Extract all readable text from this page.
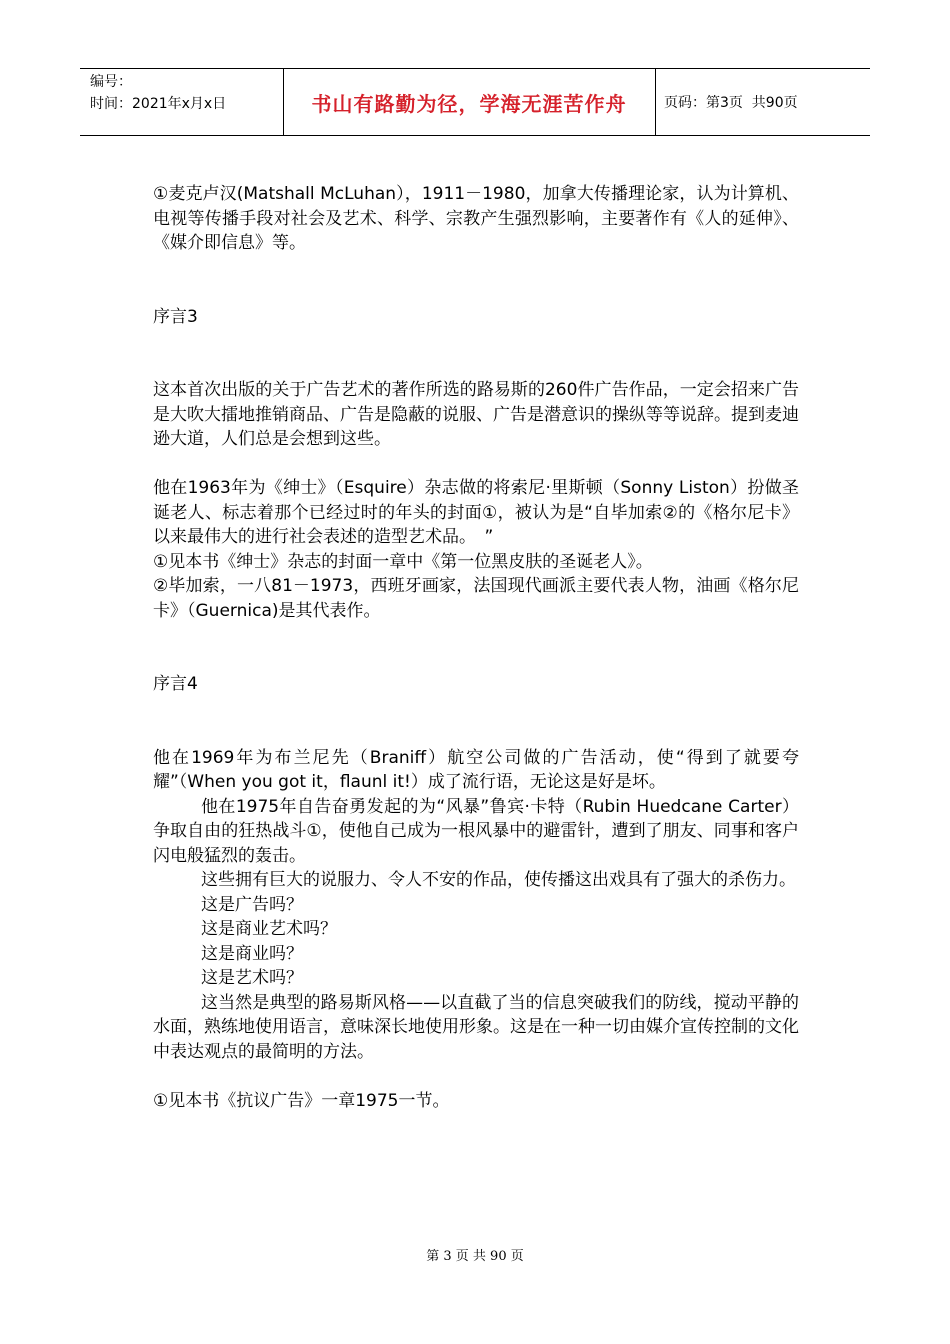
编号：
时间：2021年x月x日	书山有路勤为径，学海无涯苦作舟	页码：第3页  共90页

①麦克卢汉(Matshall McLuhan），1911－1980，加拿大传播理论家，认为计算机、电视等传播手段对社会及艺术、科学、宗教产生强烈影响，主要著作有《人的延伸》、《媒介即信息》等。

序言3

这本首次出版的关于广告艺术的著作所选的路易斯的260件广告作品，一定会招来广告是大吹大擂地推销商品、广告是隐蔽的说服、广告是潜意识的操纵等等说辞。提到麦迪逊大道，人们总是会想到这些。

他在1963年为《绅士》（Esquire）杂志做的将索尼·里斯顿（Sonny Liston）扮做圣诞老人、标志着那个已经过时的年头的封面①，被认为是“自毕加索②的《格尔尼卡》以来最伟大的进行社会表述的造型艺术品。　”

①见本书《绅士》杂志的封面一章中《第一位黑皮肤的圣诞老人》。

②毕加索，一八81－1973，西班牙画家，法国现代画派主要代表人物，油画《格尔尼卡》（Guernica)是其代表作。

序言4

他在1969年为布兰尼先（Braniff）航空公司做的广告活动，使“得到了就要夸耀”（When you got it，flaunl it!）成了流行语，无论这是好是坏。

他在1975年自告奋勇发起的为“风暴”鲁宾·卡特（Rubin Huedcane Carter）争取自由的狂热战斗①，使他自己成为一根风暴中的避雷针，遭到了朋友、同事和客户闪电般猛烈的轰击。

这些拥有巨大的说服力、令人不安的作品，使传播这出戏具有了强大的杀伤力。

这是广告吗？

这是商业艺术吗？

这是商业吗？

这是艺术吗？

这当然是典型的路易斯风格——以直截了当的信息突破我们的防线，搅动平静的水面，熟练地使用语言，意味深长地使用形象。这是在一种一切由媒介宣传控制的文化中表达观点的最简明的方法。

①见本书《抗议广告》一章1975一节。

第 3 页 共 90 页
